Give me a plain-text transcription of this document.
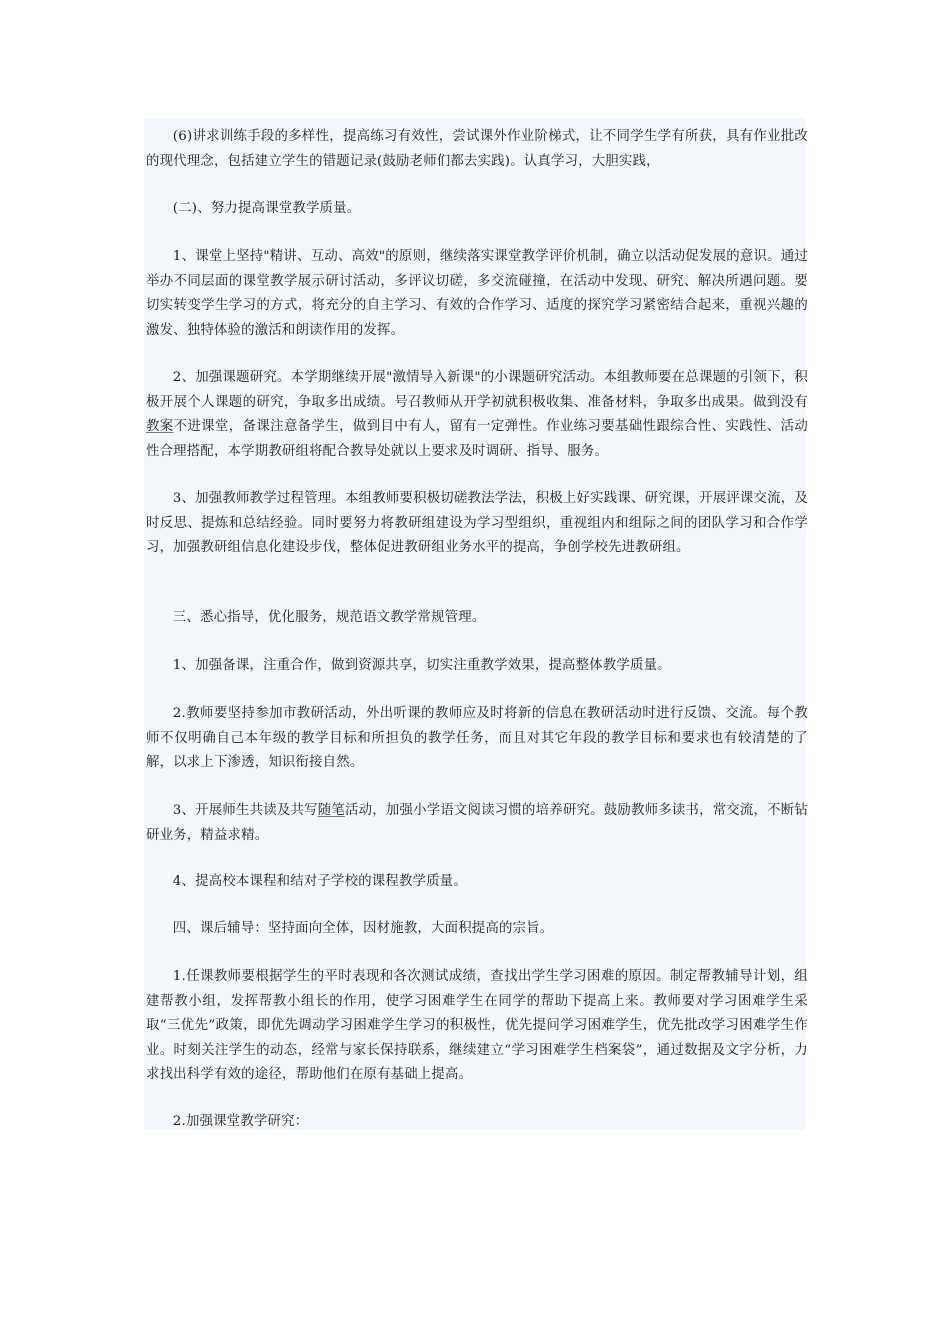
(6)讲求训练手段的多样性，提高练习有效性，尝试课外作业阶梯式，让不同学生学有所获，具有作业批改的现代理念，包括建立学生的错题记录(鼓励老师们都去实践)。认真学习，大胆实践，

(二)、努力提高课堂教学质量。

1、课堂上坚持"精讲、互动、高效"的原则，继续落实课堂教学评价机制，确立以活动促发展的意识。通过举办不同层面的课堂教学展示研讨活动，多评议切磋，多交流碰撞，在活动中发现、研究、解决所遇问题。要切实转变学生学习的方式，将充分的自主学习、有效的合作学习、适度的探究学习紧密结合起来，重视兴趣的激发、独特体验的激活和朗读作用的发挥。

2、加强课题研究。本学期继续开展"激情导入新课"的小课题研究活动。本组教师要在总课题的引领下，积极开展个人课题的研究，争取多出成绩。号召教师从开学初就积极收集、准备材料，争取多出成果。做到没有教案不进课堂，备课注意备学生，做到目中有人，留有一定弹性。作业练习要基础性跟综合性、实践性、活动性合理搭配，本学期教研组将配合教导处就以上要求及时调研、指导、服务。

3、加强教师教学过程管理。本组教师要积极切磋教法学法，积极上好实践课、研究课，开展评课交流，及时反思、提炼和总结经验。同时要努力将教研组建设为学习型组织，重视组内和组际之间的团队学习和合作学习，加强教研组信息化建设步伐，整体促进教研组业务水平的提高，争创学校先进教研组。

三、悉心指导，优化服务，规范语文教学常规管理。

1、加强备课，注重合作，做到资源共享，切实注重教学效果，提高整体教学质量。

2.教师要坚持参加市教研活动，外出听课的教师应及时将新的信息在教研活动时进行反馈、交流。每个教师不仅明确自己本年级的教学目标和所担负的教学任务，而且对其它年段的教学目标和要求也有较清楚的了解，以求上下渗透，知识衔接自然。

3、开展师生共读及共写随笔活动，加强小学语文阅读习惯的培养研究。鼓励教师多读书，常交流，不断钻研业务，精益求精。

4、提高校本课程和结对子学校的课程教学质量。

四、课后辅导：坚持面向全体，因材施教，大面积提高的宗旨。

1.任课教师要根据学生的平时表现和各次测试成绩，查找出学生学习困难的原因。制定帮教辅导计划，组建帮教小组，发挥帮教小组长的作用，使学习困难学生在同学的帮助下提高上来。教师要对学习困难学生采取“三优先”政策，即优先调动学习困难学生学习的积极性，优先提问学习困难学生，优先批改学习困难学生作业。时刻关注学生的动态，经常与家长保持联系，继续建立“学习困难学生档案袋”，通过数据及文字分析，力求找出科学有效的途径，帮助他们在原有基础上提高。

2.加强课堂教学研究：
